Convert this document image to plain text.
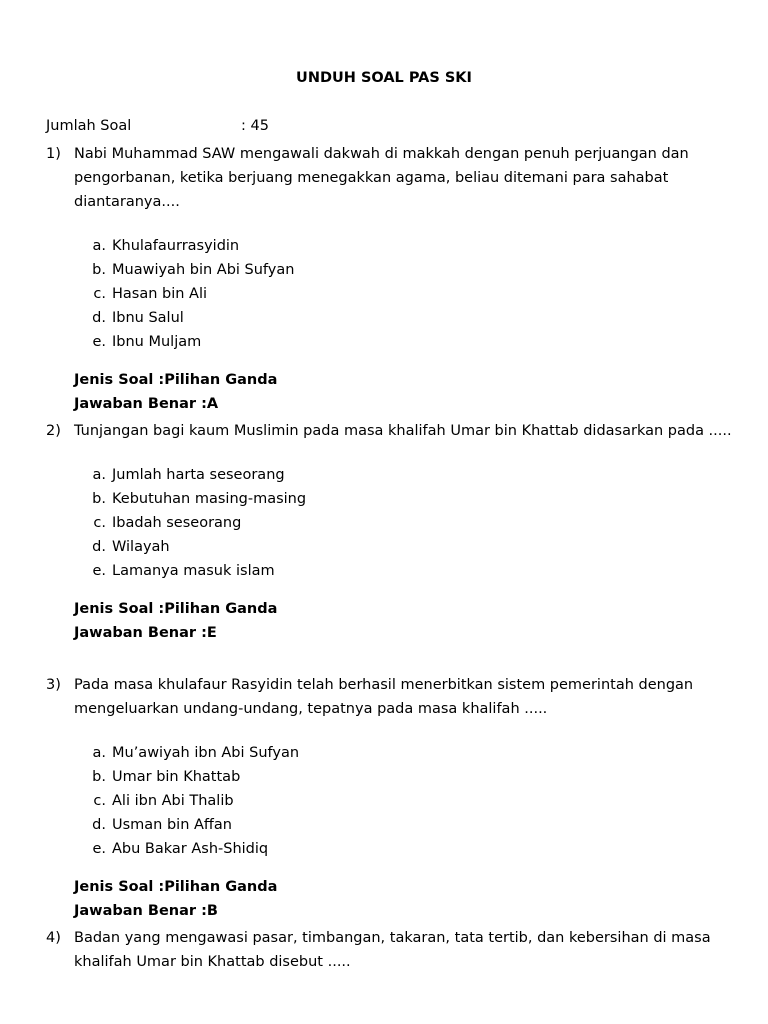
UNDUH SOAL PAS SKI
Jumlah Soal	: 45
1) Nabi Muhammad SAW mengawali dakwah di makkah dengan penuh perjuangan dan pengorbanan, ketika berjuang menegakkan agama, beliau ditemani para sahabat diantaranya....
a. Khulafaurrasyidin
b. Muawiyah bin Abi Sufyan
c. Hasan bin Ali
d. Ibnu Salul
e. Ibnu Muljam
Jenis Soal :Pilihan Ganda
Jawaban Benar :A
2) Tunjangan bagi kaum Muslimin pada masa khalifah Umar bin Khattab didasarkan pada .....
a. Jumlah harta seseorang
b. Kebutuhan masing-masing
c. Ibadah seseorang
d. Wilayah
e. Lamanya masuk islam
Jenis Soal :Pilihan Ganda
Jawaban Benar :E
3) Pada masa khulafaur Rasyidin telah berhasil menerbitkan sistem pemerintah dengan mengeluarkan undang-undang, tepatnya pada masa khalifah .....
a. Mu’awiyah ibn Abi Sufyan
b. Umar bin Khattab
c. Ali ibn Abi Thalib
d. Usman bin Affan
e. Abu Bakar Ash-Shidiq
Jenis Soal :Pilihan Ganda
Jawaban Benar :B
4) Badan yang mengawasi pasar, timbangan, takaran, tata tertib, dan kebersihan di masa khalifah Umar bin Khattab disebut .....
